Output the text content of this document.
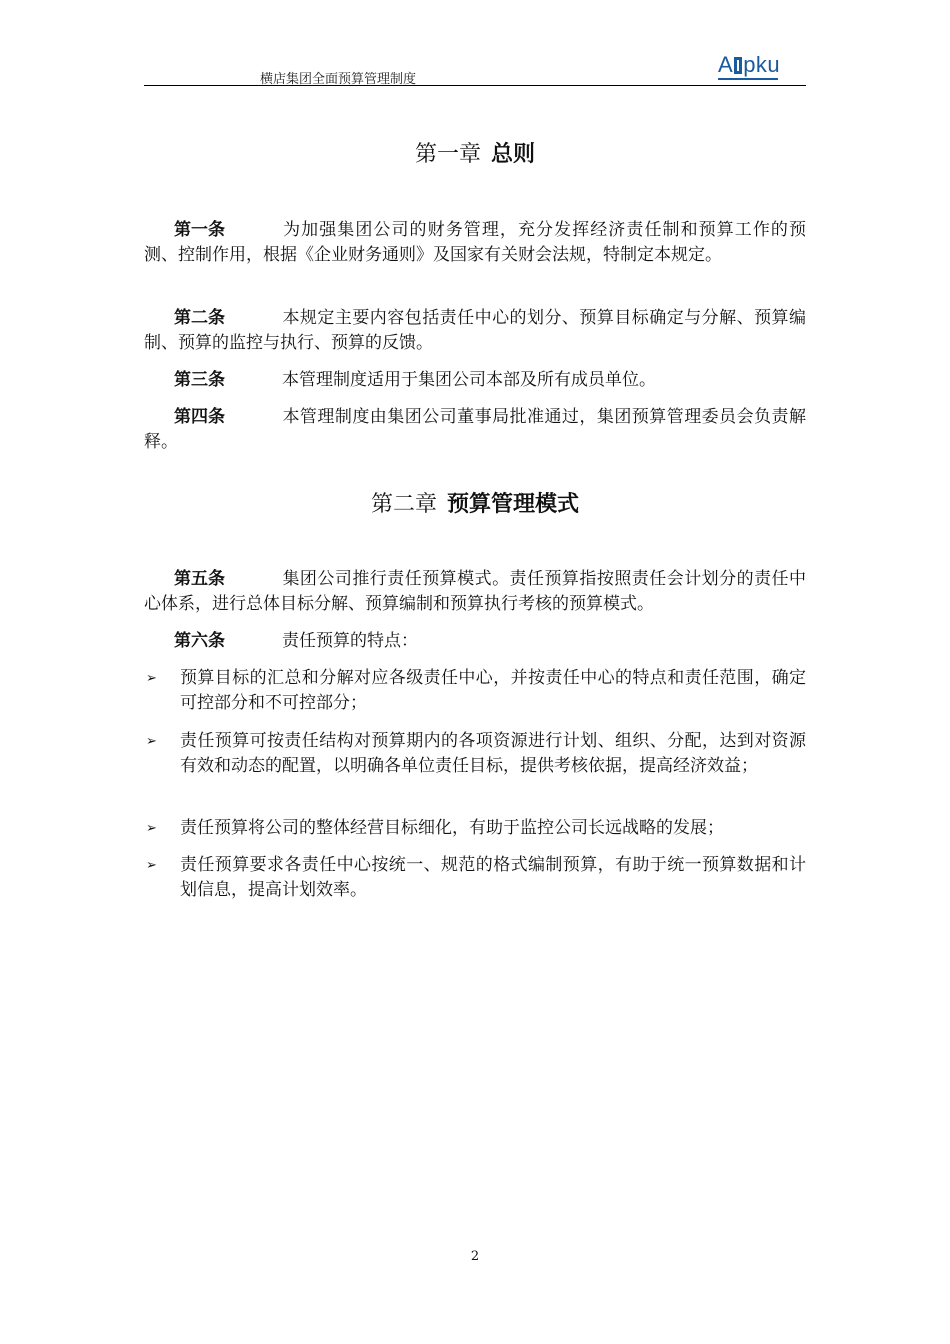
横店集团全面预算管理制度
A pku
第一章 总则
第一条	为加强集团公司的财务管理，充分发挥经济责任制和预算工作的预测、控制作用，根据《企业财务通则》及国家有关财会法规，特制定本规定。
第二条	本规定主要内容包括责任中心的划分、预算目标确定与分解、预算编制、预算的监控与执行、预算的反馈。
第三条	本管理制度适用于集团公司本部及所有成员单位。
第四条	本管理制度由集团公司董事局批准通过，集团预算管理委员会负责解释。
第二章 预算管理模式
第五条	集团公司推行责任预算模式。责任预算指按照责任会计划分的责任中心体系，进行总体目标分解、预算编制和预算执行考核的预算模式。
第六条	责任预算的特点：
➢	预算目标的汇总和分解对应各级责任中心，并按责任中心的特点和责任范围，确定可控部分和不可控部分；
➢	责任预算可按责任结构对预算期内的各项资源进行计划、组织、分配，达到对资源有效和动态的配置，以明确各单位责任目标，提供考核依据，提高经济效益；
➢	责任预算将公司的整体经营目标细化，有助于监控公司长远战略的发展；
➢	责任预算要求各责任中心按统一、规范的格式编制预算，有助于统一预算数据和计划信息，提高计划效率。
2
